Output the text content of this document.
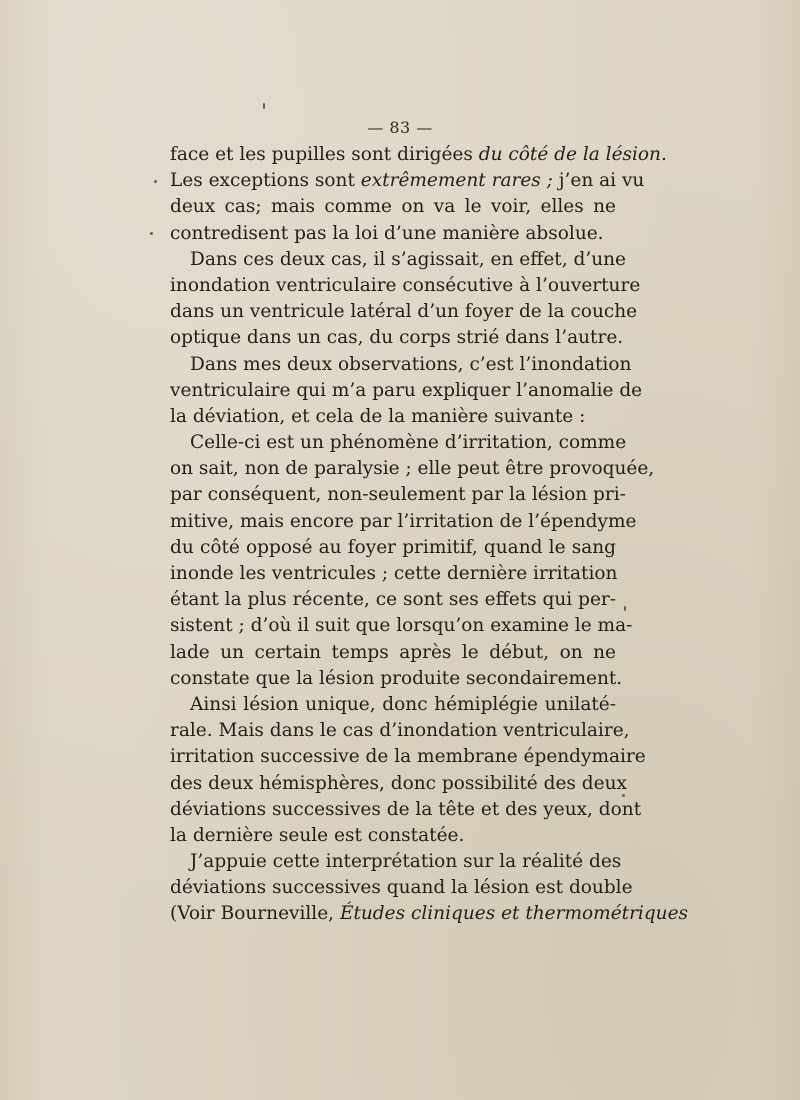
— 83 —
face et les pupilles sont dirigées du côté de la lésion.
Les exceptions sont extrêmement rares ; j’en ai vu
deux cas; mais comme on va le voir, elles ne
contredisent pas la loi d’une manière absolue.
Dans ces deux cas, il s’agissait, en effet, d’une
inondation ventriculaire consécutive à l’ouverture
dans un ventricule latéral d’un foyer de la couche
optique dans un cas, du corps strié dans l’autre.
Dans mes deux observations, c’est l’inondation
ventriculaire qui m’a paru expliquer l’anomalie de
la déviation, et cela de la manière suivante :
Celle-ci est un phénomène d’irritation, comme
on sait, non de paralysie ; elle peut être provoquée,
par conséquent, non-seulement par la lésion pri-
mitive, mais encore par l’irritation de l’épendyme
du côté opposé au foyer primitif, quand le sang
inonde les ventricules ; cette dernière irritation
étant la plus récente, ce sont ses effets qui per-
sistent ; d’où il suit que lorsqu’on examine le ma-
lade un certain temps après le début, on ne
constate que la lésion produite secondairement.
Ainsi lésion unique, donc hémiplégie unilaté-
rale. Mais dans le cas d’inondation ventriculaire,
irritation successive de la membrane épendymaire
des deux hémisphères, donc possibilité des deux
déviations successives de la tête et des yeux, dont
la dernière seule est constatée.
J’appuie cette interprétation sur la réalité des
déviations successives quand la lésion est double
(Voir Bourneville, Études cliniques et thermométriques
